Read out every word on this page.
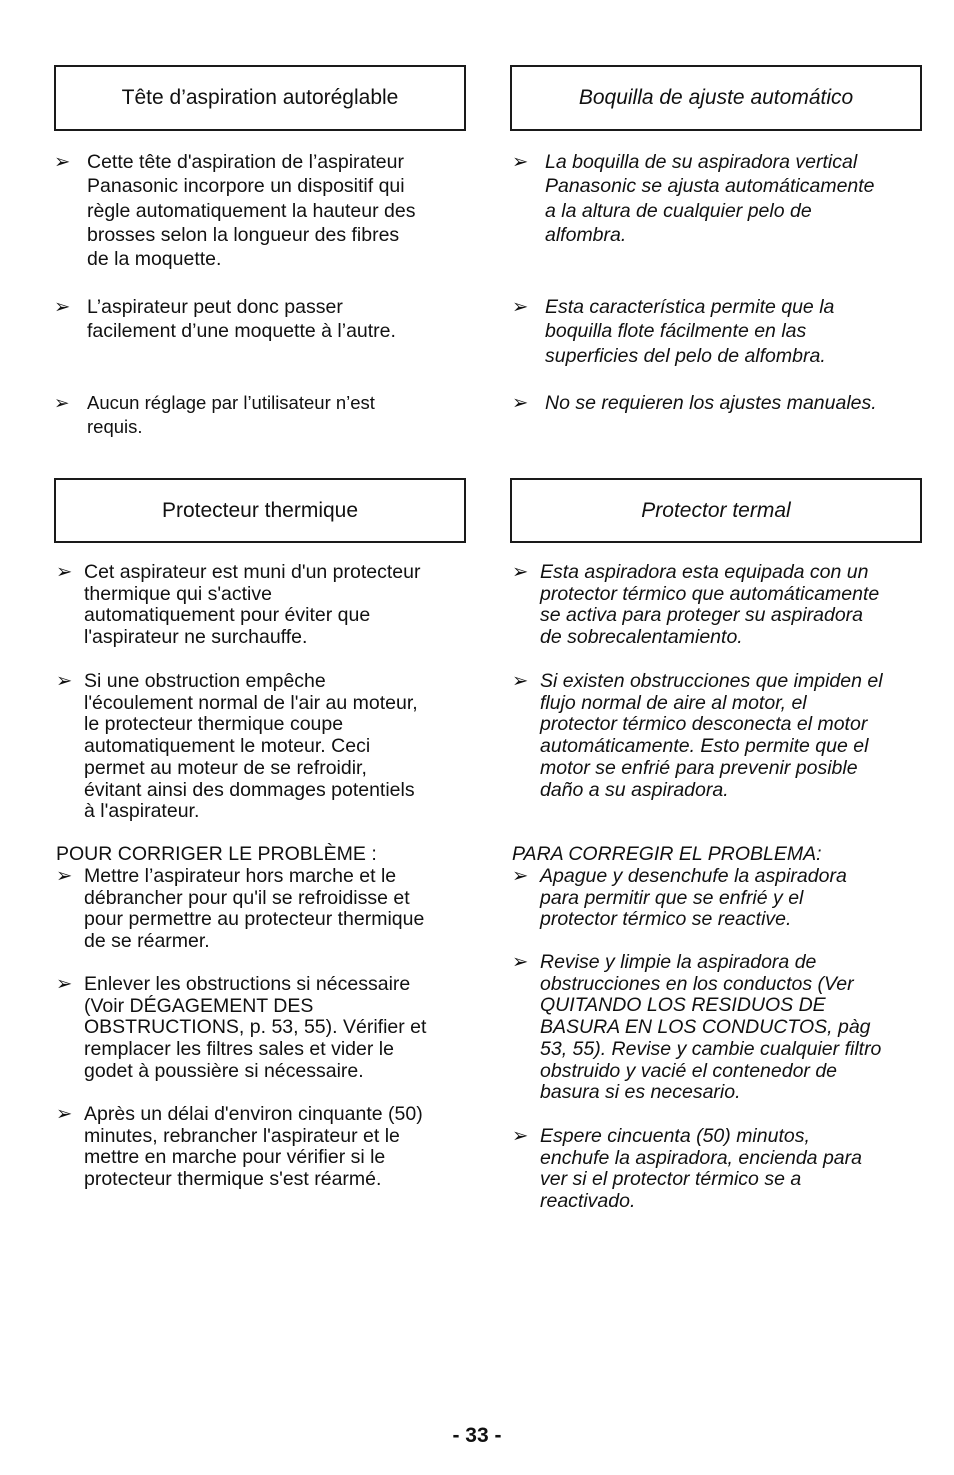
Tête d’aspiration autoréglable	Boquilla de ajuste automático
➢ Cette tête d'aspiration de l’aspirateur
Panasonic incorpore un dispositif qui
règle automatiquement la hauteur des
brosses selon la longueur des fibres
de la moquette.
➢ L’aspirateur peut donc passer
facilement d’une moquette à l’autre.
➢ Aucun réglage par l’utilisateur n’est
requis.
➢ La boquilla de su aspiradora vertical
Panasonic se ajusta automáticamente
a la altura de cualquier pelo de
alfombra.
➢ Esta característica permite que la
boquilla flote fácilmente en las
superficies del pelo de alfombra.
➢ No se requieren los ajustes manuales.
Protecteur thermique	Protector termal
➢ Cet aspirateur est muni d'un protecteur
thermique qui s'active
automatiquement pour éviter que
l'aspirateur ne surchauffe.
➢ Si une obstruction empêche
l'écoulement normal de l'air au moteur,
le protecteur thermique coupe
automatiquement le moteur. Ceci
permet au moteur de se refroidir,
évitant ainsi des dommages potentiels
à l'aspirateur.
POUR CORRIGER LE PROBLÈME :
➢ Mettre l’aspirateur hors marche et le
débrancher pour qu'il se refroidisse et
pour permettre au protecteur thermique
de se réarmer.
➢ Enlever les obstructions si nécessaire
(Voir DÉGAGEMENT DES
OBSTRUCTIONS, p. 53, 55). Vérifier et
remplacer les filtres sales et vider le
godet à poussière si nécessaire.
➢ Après un délai d'environ cinquante (50)
minutes, rebrancher l'aspirateur et le
mettre en marche pour vérifier si le
protecteur thermique s'est réarmé.
➢ Esta aspiradora esta equipada con un
protector térmico que automáticamente
se activa para proteger su aspiradora
de sobrecalentamiento.
➢ Si existen obstrucciones que impiden el
flujo normal de aire al motor, el
protector térmico desconecta el motor
automáticamente. Esto permite que el
motor se enfrié para prevenir posible
daño a su aspiradora.
PARA CORREGIR EL PROBLEMA:
➢ Apague y desenchufe la aspiradora
para permitir que se enfrié y el
protector térmico se reactive.
➢ Revise y limpie la aspiradora de
obstrucciones en los conductos (Ver
QUITANDO LOS RESIDUOS DE
BASURA EN LOS CONDUCTOS, pàg
53, 55). Revise y cambie cualquier filtro
obstruido y vacié el contenedor de
basura si es necesario.
➢ Espere cincuenta (50) minutos,
enchufe la aspiradora, encienda para
ver si el protector térmico se a
reactivado.
- 33 -
